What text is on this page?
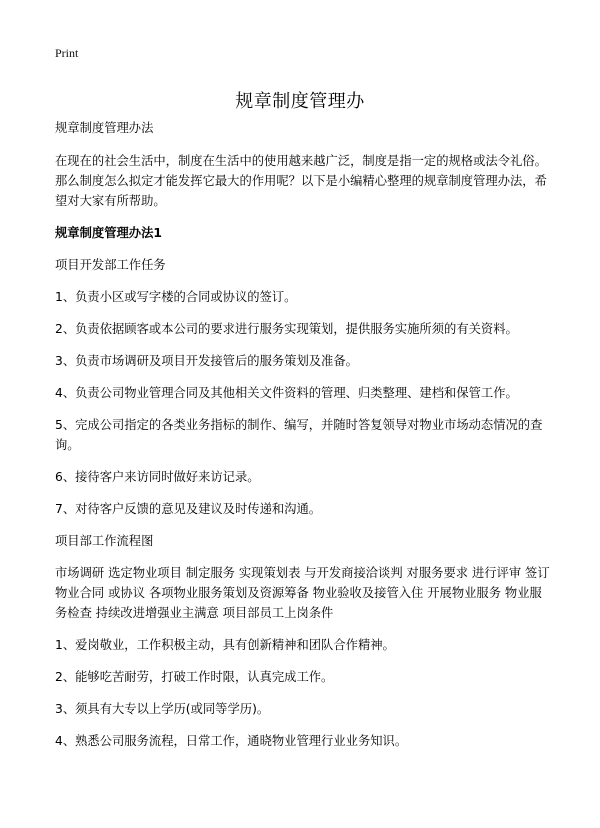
Print
规章制度管理办

规章制度管理办法

在现在的社会生活中，制度在生活中的使用越来越广泛，制度是指一定的规格或法令礼俗。那么制度怎么拟定才能发挥它最大的作用呢？以下是小编精心整理的规章制度管理办法，希望对大家有所帮助。

规章制度管理办法1

项目开发部工作任务

1、负责小区或写字楼的合同或协议的签订。

2、负责依据顾客或本公司的要求进行服务实现策划，提供服务实施所须的有关资料。

3、负责市场调研及项目开发接管后的服务策划及准备。

4、负责公司物业管理合同及其他相关文件资料的管理、归类整理、建档和保管工作。

5、完成公司指定的各类业务指标的制作、编写，并随时答复领导对物业市场动态情况的查询。

6、接待客户来访同时做好来访记录。

7、对待客户反馈的意见及建议及时传递和沟通。

项目部工作流程图

市场调研 选定物业项目 制定服务 实现策划表 与开发商接洽谈判 对服务要求 进行评审 签订物业合同 或协议 各项物业服务策划及资源筹备 物业验收及接管入住 开展物业服务 物业服务检查 持续改进增强业主满意 项目部员工上岗条件

1、爱岗敬业，工作积极主动，具有创新精神和团队合作精神。

2、能够吃苦耐劳，打破工作时限，认真完成工作。

3、须具有大专以上学历(或同等学历)。

4、熟悉公司服务流程，日常工作，通晓物业管理行业业务知识。
